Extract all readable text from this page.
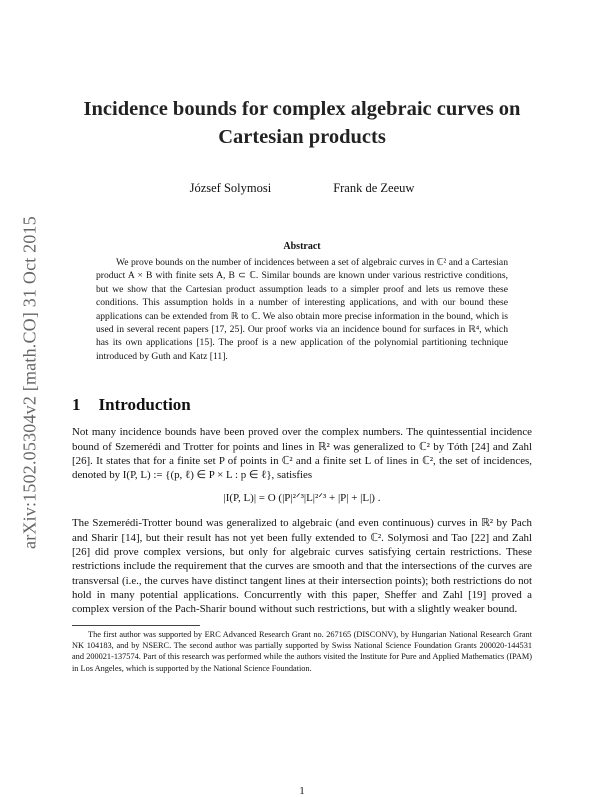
arXiv:1502.05304v2 [math.CO] 31 Oct 2015
Incidence bounds for complex algebraic curves on Cartesian products
József Solymosi	Frank de Zeeuw
Abstract
We prove bounds on the number of incidences between a set of algebraic curves in ℂ² and a Cartesian product A × B with finite sets A, B ⊂ ℂ. Similar bounds are known under various restrictive conditions, but we show that the Cartesian product assumption leads to a simpler proof and lets us remove these conditions. This assumption holds in a number of interesting applications, and with our bound these applications can be extended from ℝ to ℂ. We also obtain more precise information in the bound, which is used in several recent papers [17, 25]. Our proof works via an incidence bound for surfaces in ℝ⁴, which has its own applications [15]. The proof is a new application of the polynomial partitioning technique introduced by Guth and Katz [11].
1 Introduction

Not many incidence bounds have been proved over the complex numbers. The quintessential incidence bound of Szemerédi and Trotter for points and lines in ℝ² was generalized to ℂ² by Tóth [24] and Zahl [26]. It states that for a finite set P of points in ℂ² and a finite set L of lines in ℂ², the set of incidences, denoted by I(P, L) := {(p, ℓ) ∈ P × L : p ∈ ℓ}, satisfies

|I(P, L)| = O (|P|²ᐟ³|L|²ᐟ³ + |P| + |L|) .

The Szemerédi-Trotter bound was generalized to algebraic (and even continuous) curves in ℝ² by Pach and Sharir [14], but their result has not yet been fully extended to ℂ². Solymosi and Tao [22] and Zahl [26] did prove complex versions, but only for algebraic curves satisfying certain restrictions. These restrictions include the requirement that the curves are smooth and that the intersections of the curves are transversal (i.e., the curves have distinct tangent lines at their intersection points); both restrictions do not hold in many potential applications. Concurrently with this paper, Sheffer and Zahl [19] proved a complex version of the Pach-Sharir bound without such restrictions, but with a slightly weaker bound.

The first author was supported by ERC Advanced Research Grant no. 267165 (DISCONV), by Hungarian National Research Grant NK 104183, and by NSERC. The second author was partially supported by Swiss National Science Foundation Grants 200020-144531 and 200021-137574. Part of this research was performed while the authors visited the Institute for Pure and Applied Mathematics (IPAM) in Los Angeles, which is supported by the National Science Foundation.
1
